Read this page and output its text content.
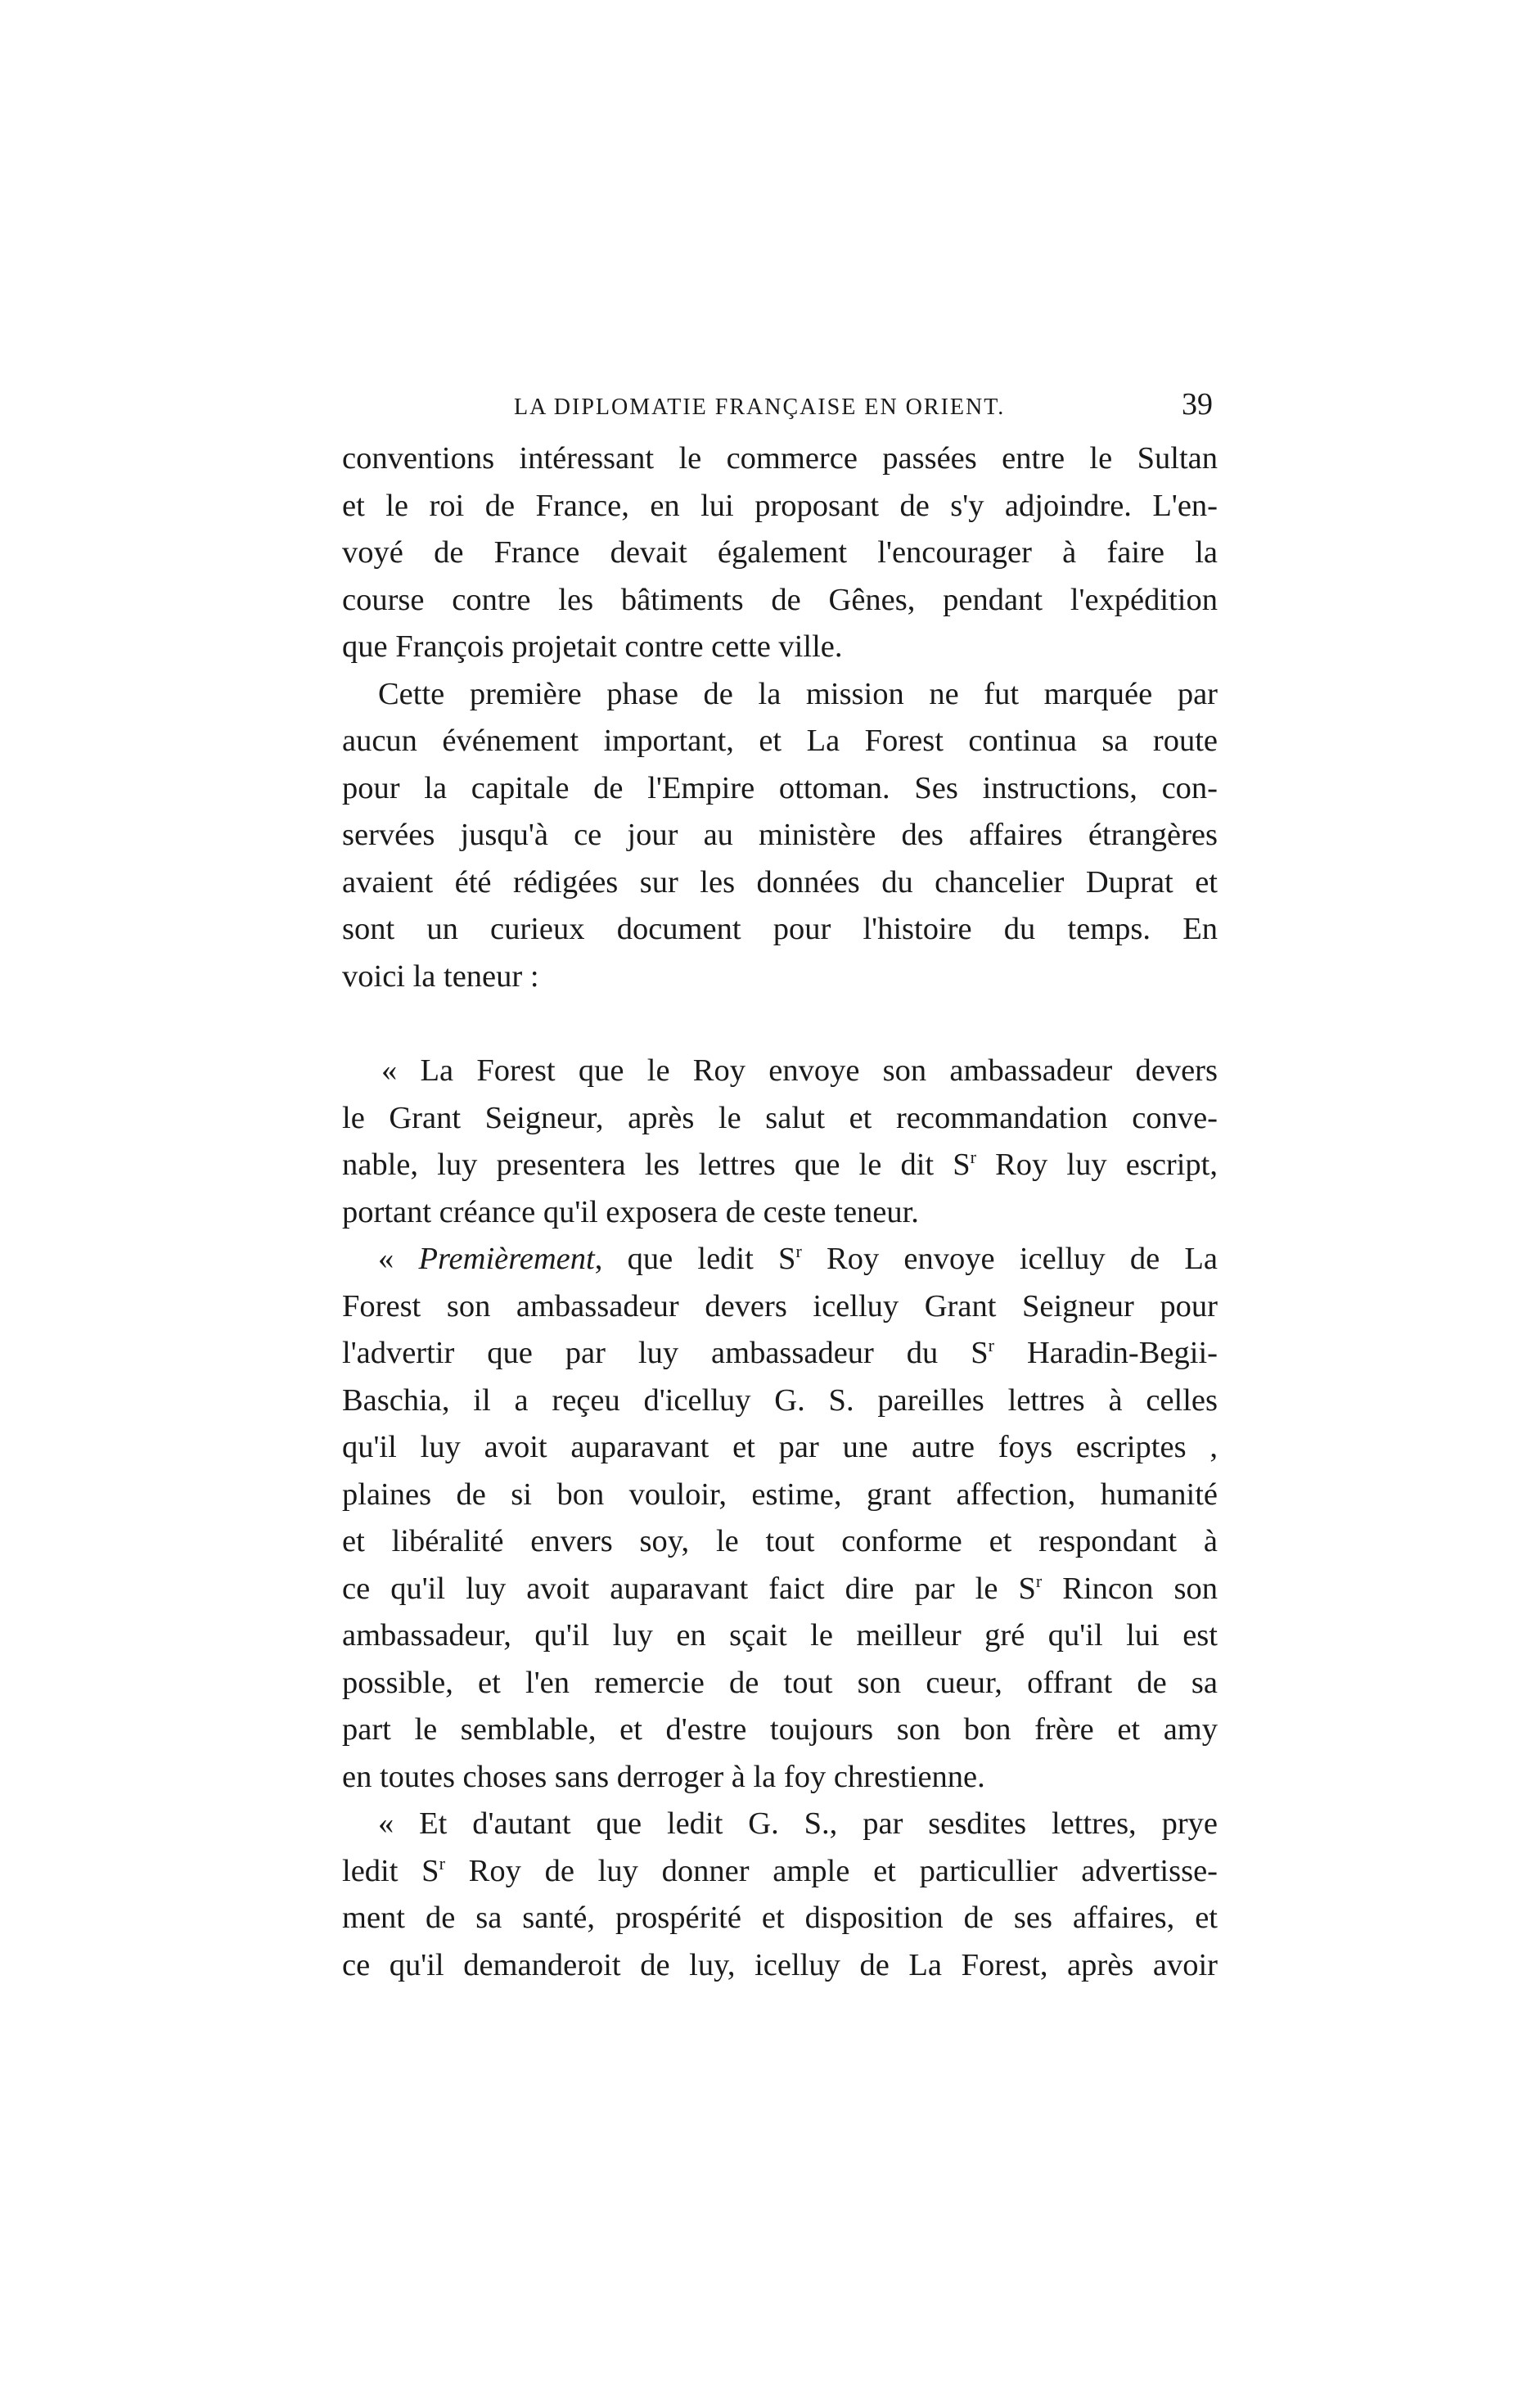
LA DIPLOMATIE FRANÇAISE EN ORIENT.	39
conventions intéressant le commerce passées entre le Sultan
et le roi de France, en lui proposant de s'y adjoindre. L'en-
voyé de France devait également l'encourager à faire la
course contre les bâtiments de Gênes, pendant l'expédition
que François projetait contre cette ville.
Cette première phase de la mission ne fut marquée par
aucun événement important, et La Forest continua sa route
pour la capitale de l'Empire ottoman. Ses instructions, con-
servées jusqu'à ce jour au ministère des affaires étrangères
avaient été rédigées sur les données du chancelier Duprat et
sont un curieux document pour l'histoire du temps. En
voici la teneur :
« La Forest que le Roy envoye son ambassadeur devers
le Grant Seigneur, après le salut et recommandation conve-
nable, luy presentera les lettres que le dit $S^r$ Roy luy escript,
portant créance qu'il exposera de ceste teneur.
« Premièrement, que ledit $S^r$ Roy envoye icelluy de La
Forest son ambassadeur devers icelluy Grant Seigneur pour
l'advertir que par luy ambassadeur du $S^r$ Haradin-Begii-
Baschia, il a reçeu d'icelluy G. S. pareilles lettres à celles
qu'il luy avoit auparavant et par une autre foys escriptes ,
plaines de si bon vouloir, estime, grant affection, humanité
et libéralité envers soy, le tout conforme et respondant à
ce qu'il luy avoit auparavant faict dire par le $S^r$ Rincon son
ambassadeur, qu'il luy en sçait le meilleur gré qu'il lui est
possible, et l'en remercie de tout son cueur, offrant de sa
part le semblable, et d'estre toujours son bon frère et amy
en toutes choses sans derroger à la foy chrestienne.
« Et d'autant que ledit G. S., par sesdites lettres, prye
ledit $S^r$ Roy de luy donner ample et particullier advertisse-
ment de sa santé, prospérité et disposition de ses affaires, et
ce qu'il demanderoit de luy, icelluy de La Forest, après avoir
